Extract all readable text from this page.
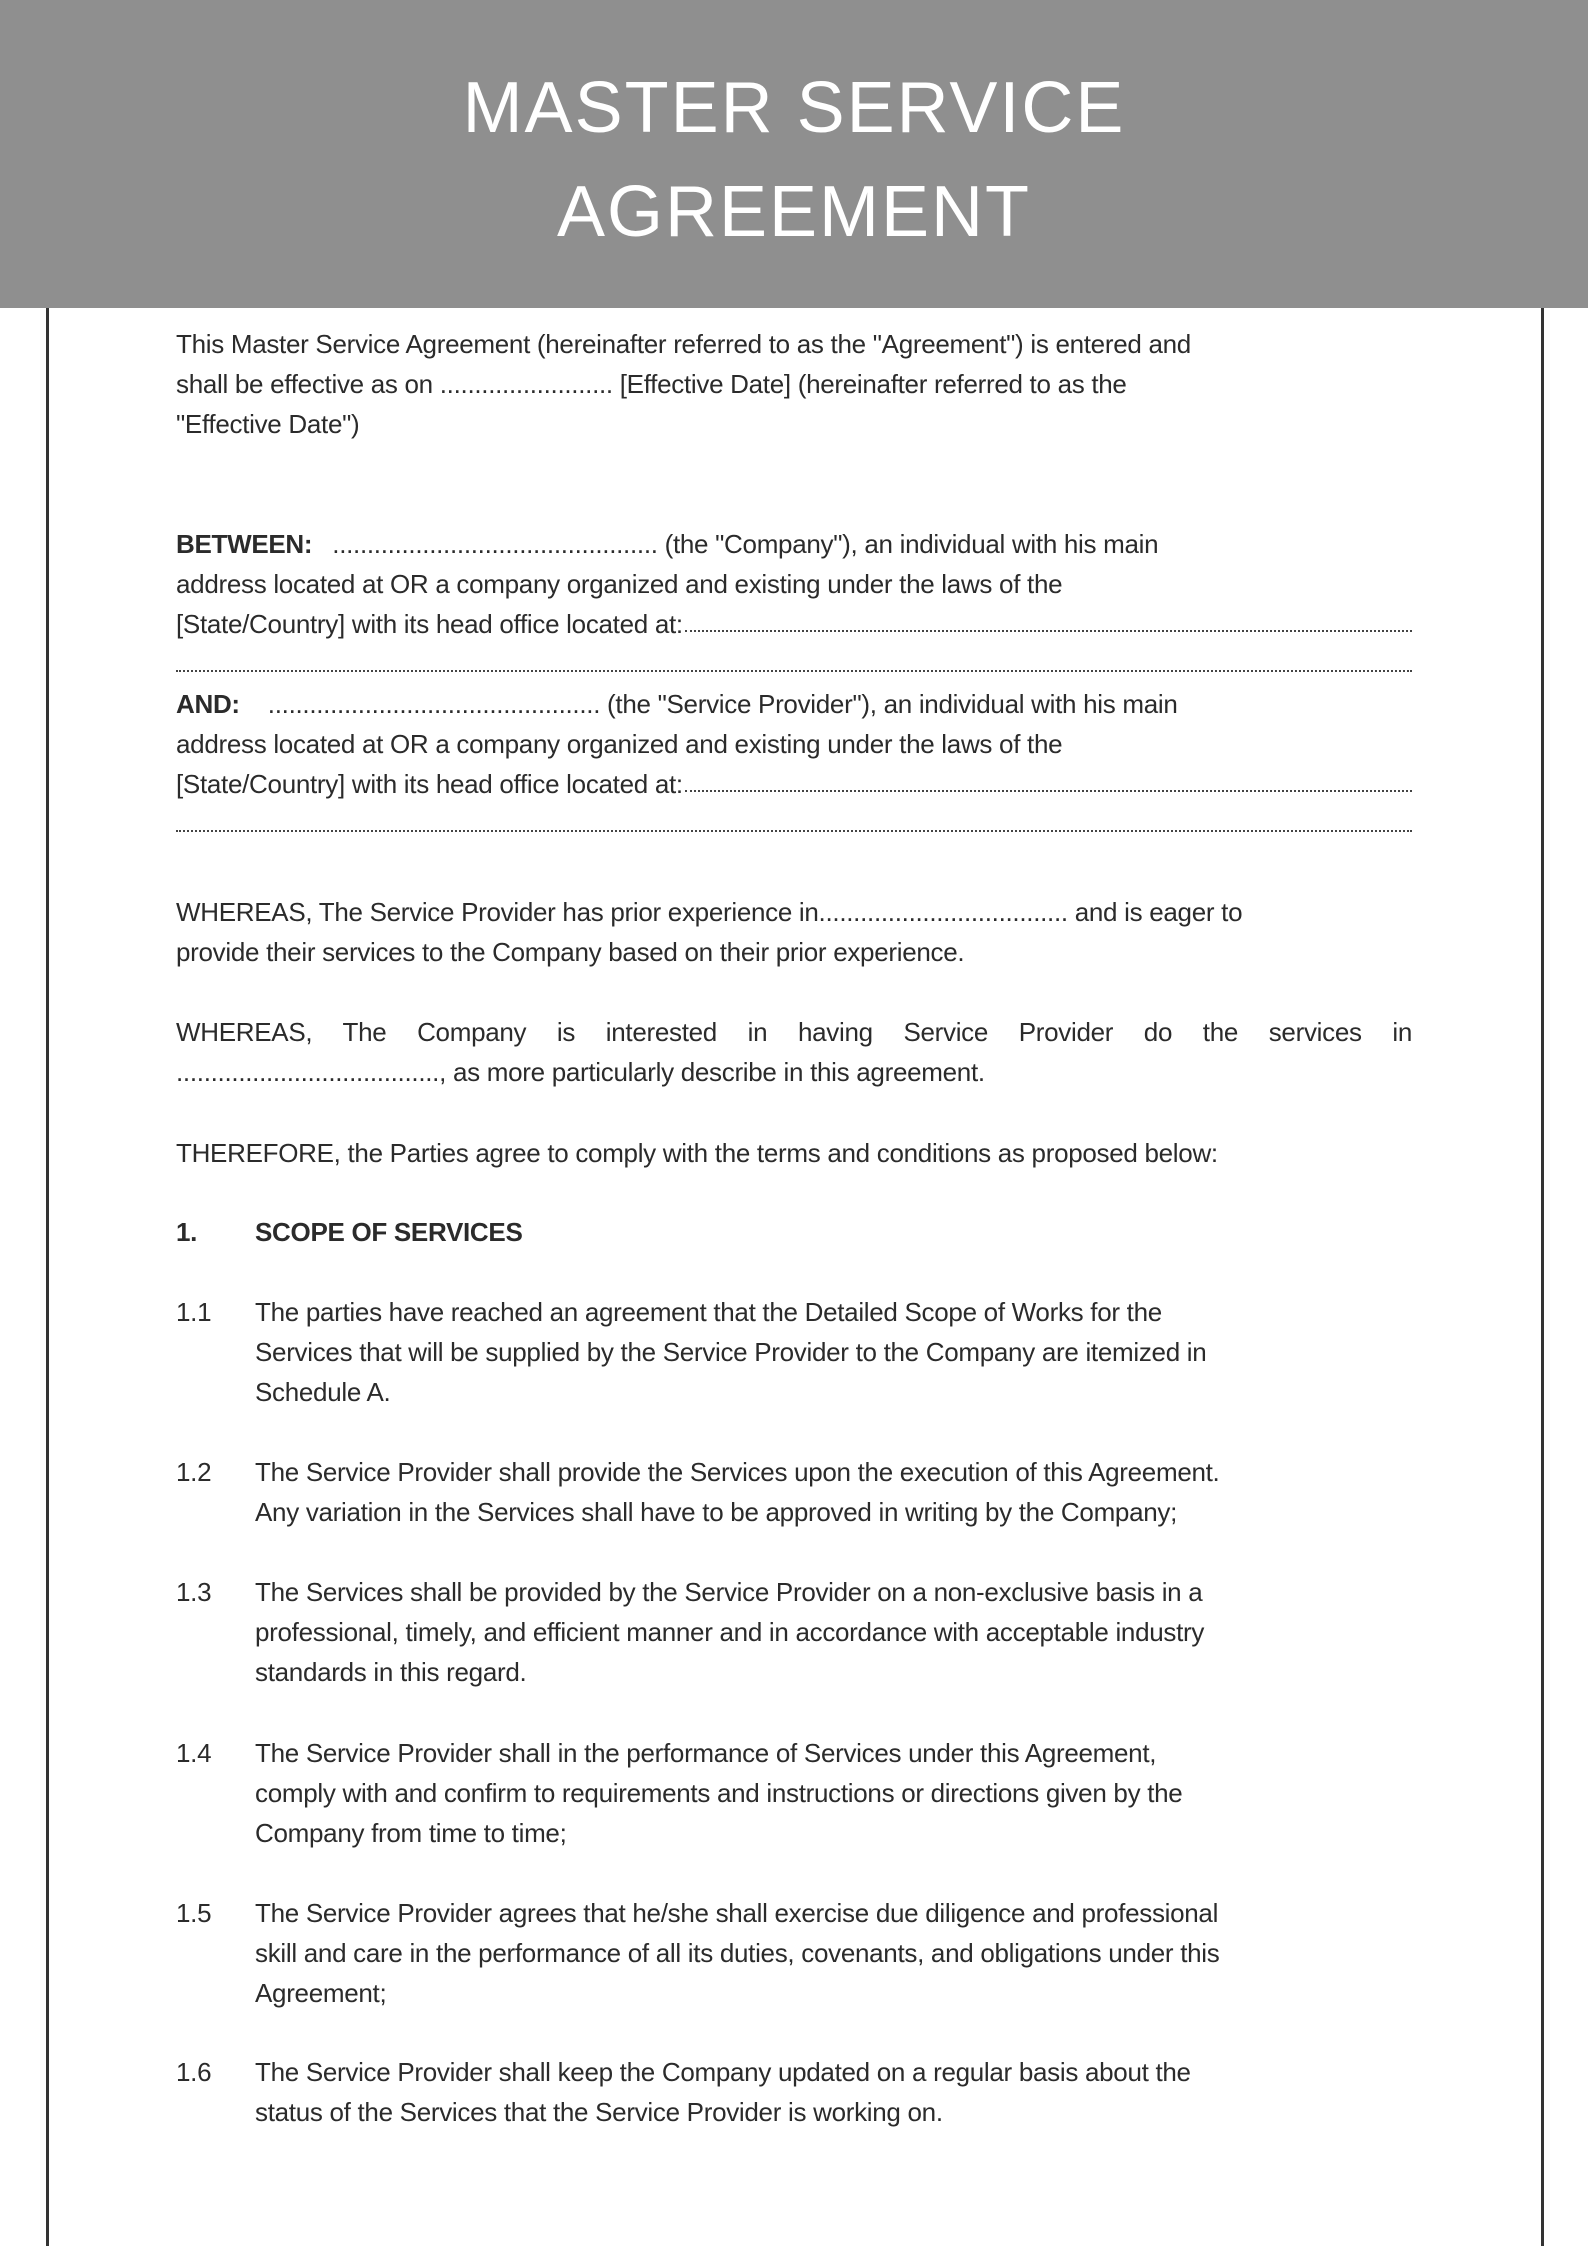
MASTER SERVICE
AGREEMENT
This Master Service Agreement (hereinafter referred to as the "Agreement") is entered and
shall be effective as on ......................... [Effective Date] (hereinafter referred to as the
"Effective Date")
BETWEEN: ............................................... (the "Company"), an individual with his main
address located at OR a company organized and existing under the laws of the
[State/Country] with its head office located at:
AND: ................................................ (the "Service Provider"), an individual with his main
address located at OR a company organized and existing under the laws of the
[State/Country] with its head office located at:
WHEREAS, The Service Provider has prior experience in.................................... and is eager to
provide their services to the Company based on their prior experience.
WHEREAS, The Company is interested in having Service Provider do the services in
......................................, as more particularly describe in this agreement.
THEREFORE, the Parties agree to comply with the terms and conditions as proposed below:
1.	SCOPE OF SERVICES
1.1	The parties have reached an agreement that the Detailed Scope of Works for the
Services that will be supplied by the Service Provider to the Company are itemized in
Schedule A.
1.2	The Service Provider shall provide the Services upon the execution of this Agreement.
Any variation in the Services shall have to be approved in writing by the Company;
1.3	The Services shall be provided by the Service Provider on a non-exclusive basis in a
professional, timely, and efficient manner and in accordance with acceptable industry
standards in this regard.
1.4	The Service Provider shall in the performance of Services under this Agreement,
comply with and confirm to requirements and instructions or directions given by the
Company from time to time;
1.5	The Service Provider agrees that he/she shall exercise due diligence and professional
skill and care in the performance of all its duties, covenants, and obligations under this
Agreement;
1.6	The Service Provider shall keep the Company updated on a regular basis about the
status of the Services that the Service Provider is working on.
